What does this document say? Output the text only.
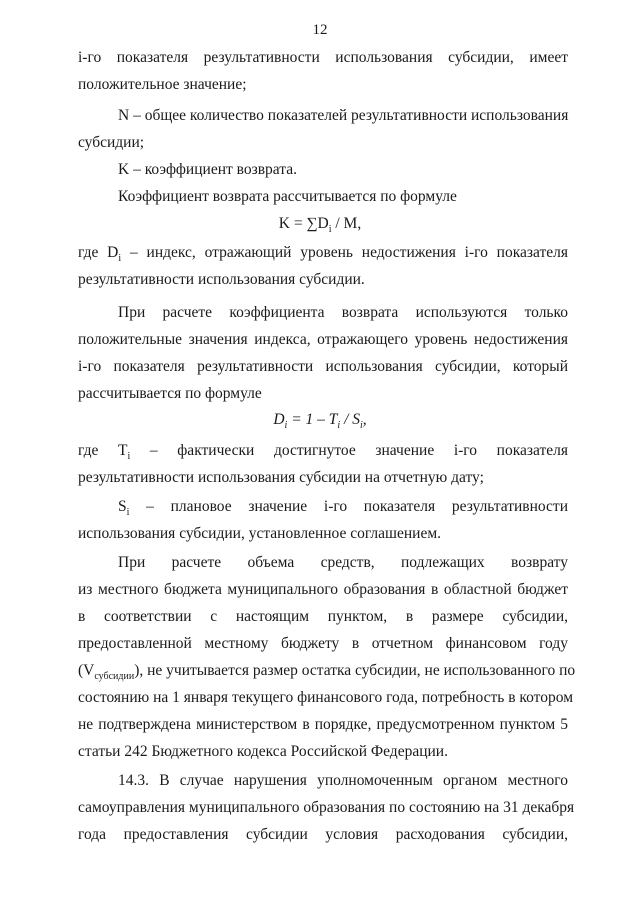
12
i-го показателя результативности использования субсидии, имеет
положительное значение;
N – общее количество показателей результативности использования
субсидии;
K – коэффициент возврата.
Коэффициент возврата рассчитывается по формуле
$K = \sum D_i / M$,
где $D_i$ – индекс, отражающий уровень недостижения i-го показателя
результативности использования субсидии.
При расчете коэффициента возврата используются только
положительные значения индекса, отражающего уровень недостижения
i-го показателя результативности использования субсидии, который
рассчитывается по формуле
$D_i = 1 - T_i / S_i$,
где $T_i$ – фактически достигнутое значение i-го показателя
результативности использования субсидии на отчетную дату;
$S_i$ – плановое значение i-го показателя результативности
использования субсидии, установленное соглашением.
При расчете объема средств, подлежащих возврату
из местного бюджета муниципального образования в областной бюджет
в соответствии с настоящим пунктом, в размере субсидии,
предоставленной местному бюджету в отчетном финансовом году
$(V_{субсидии})$, не учитывается размер остатка субсидии, не использованного по
состоянию на 1 января текущего финансового года, потребность в котором
не подтверждена министерством в порядке, предусмотренном пунктом 5
статьи 242 Бюджетного кодекса Российской Федерации.
14.3. В случае нарушения уполномоченным органом местного
самоуправления муниципального образования по состоянию на 31 декабря
года предоставления субсидии условия расходования субсидии,
